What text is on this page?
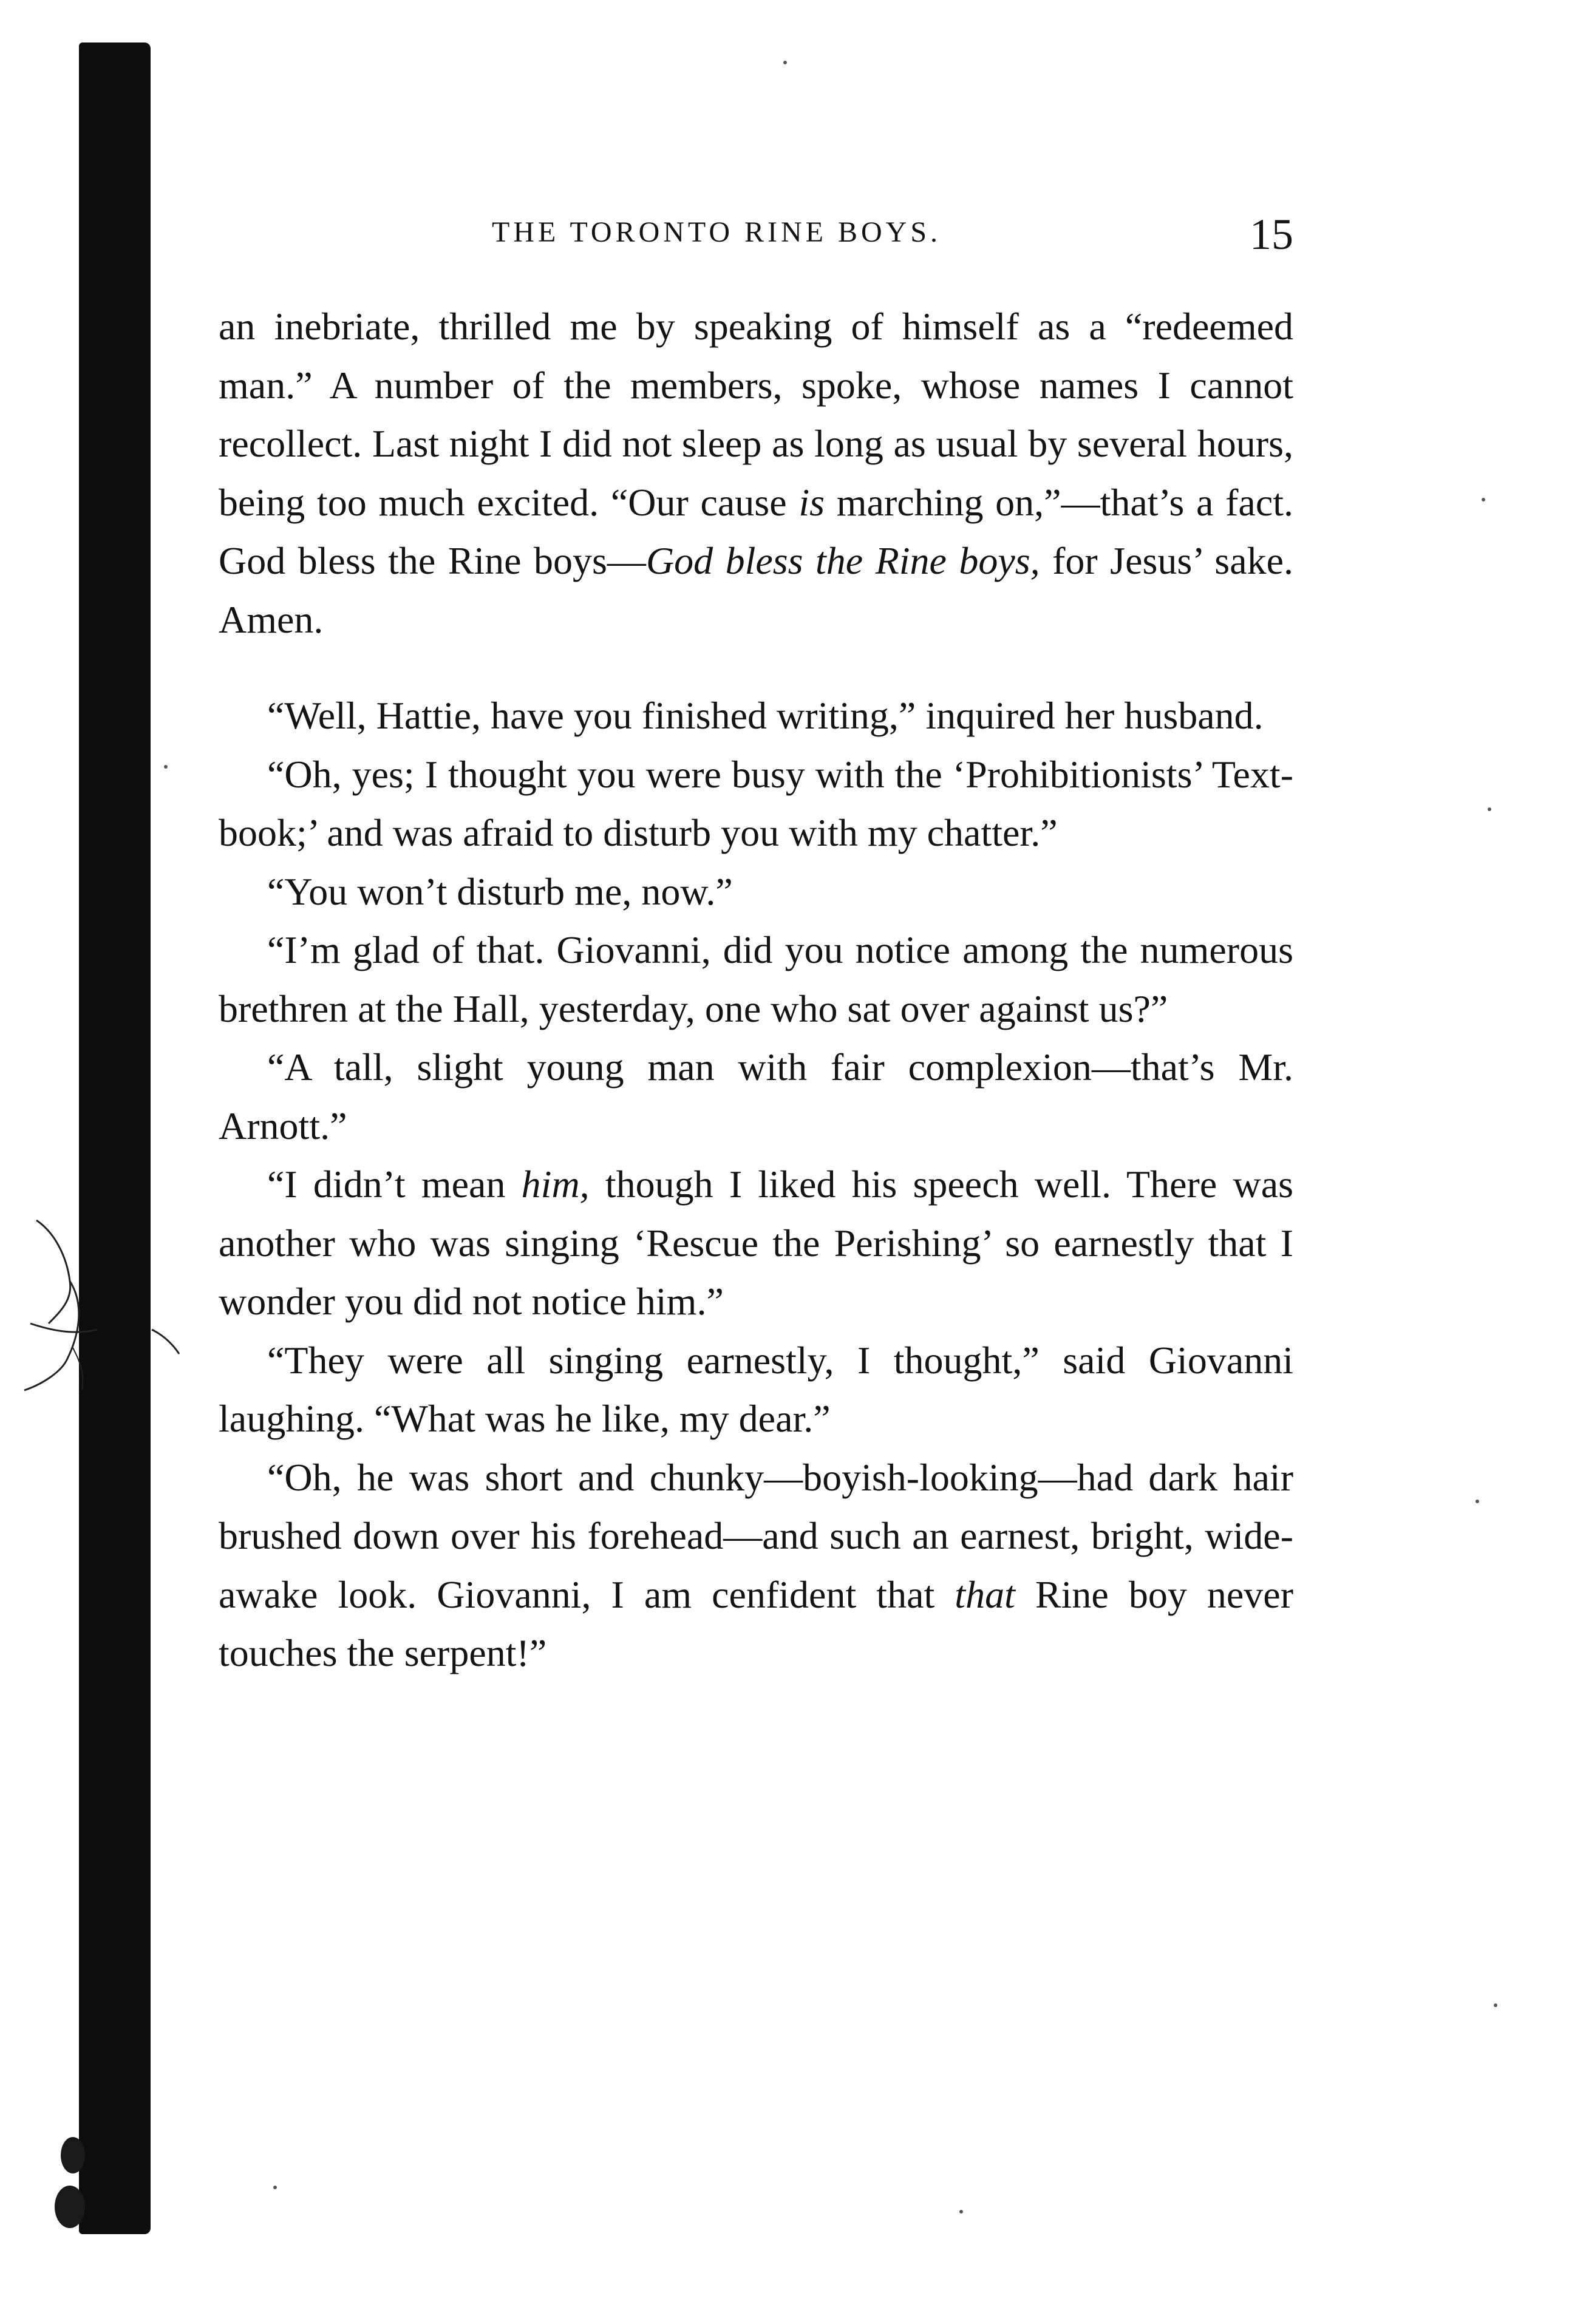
THE TORONTO RINE BOYS.	15

an inebriate, thrilled me by speaking of himself as a “redeemed man.” A number of the members, spoke, whose names I cannot recollect. Last night I did not sleep as long as usual by several hours, being too much excited. “Our cause is marching on,”—that’s a fact. God bless the Rine boys—God bless the Rine boys, for Jesus’ sake. Amen.

“Well, Hattie, have you finished writing,” inquired her husband.

“Oh, yes; I thought you were busy with the ‘Prohibitionists’ Text-book;’ and was afraid to disturb you with my chatter.”

“You won’t disturb me, now.”

“I’m glad of that. Giovanni, did you notice among the numerous brethren at the Hall, yesterday, one who sat over against us?”

“A tall, slight young man with fair complexion—that’s Mr. Arnott.”

“I didn’t mean him, though I liked his speech well. There was another who was singing ‘Rescue the Perishing’ so earnestly that I wonder you did not notice him.”

“They were all singing earnestly, I thought,” said Giovanni laughing. “What was he like, my dear.”

“Oh, he was short and chunky—boyish-looking—had dark hair brushed down over his forehead—and such an earnest, bright, wide-awake look. Giovanni, I am cenfident that that Rine boy never touches the serpent!”
